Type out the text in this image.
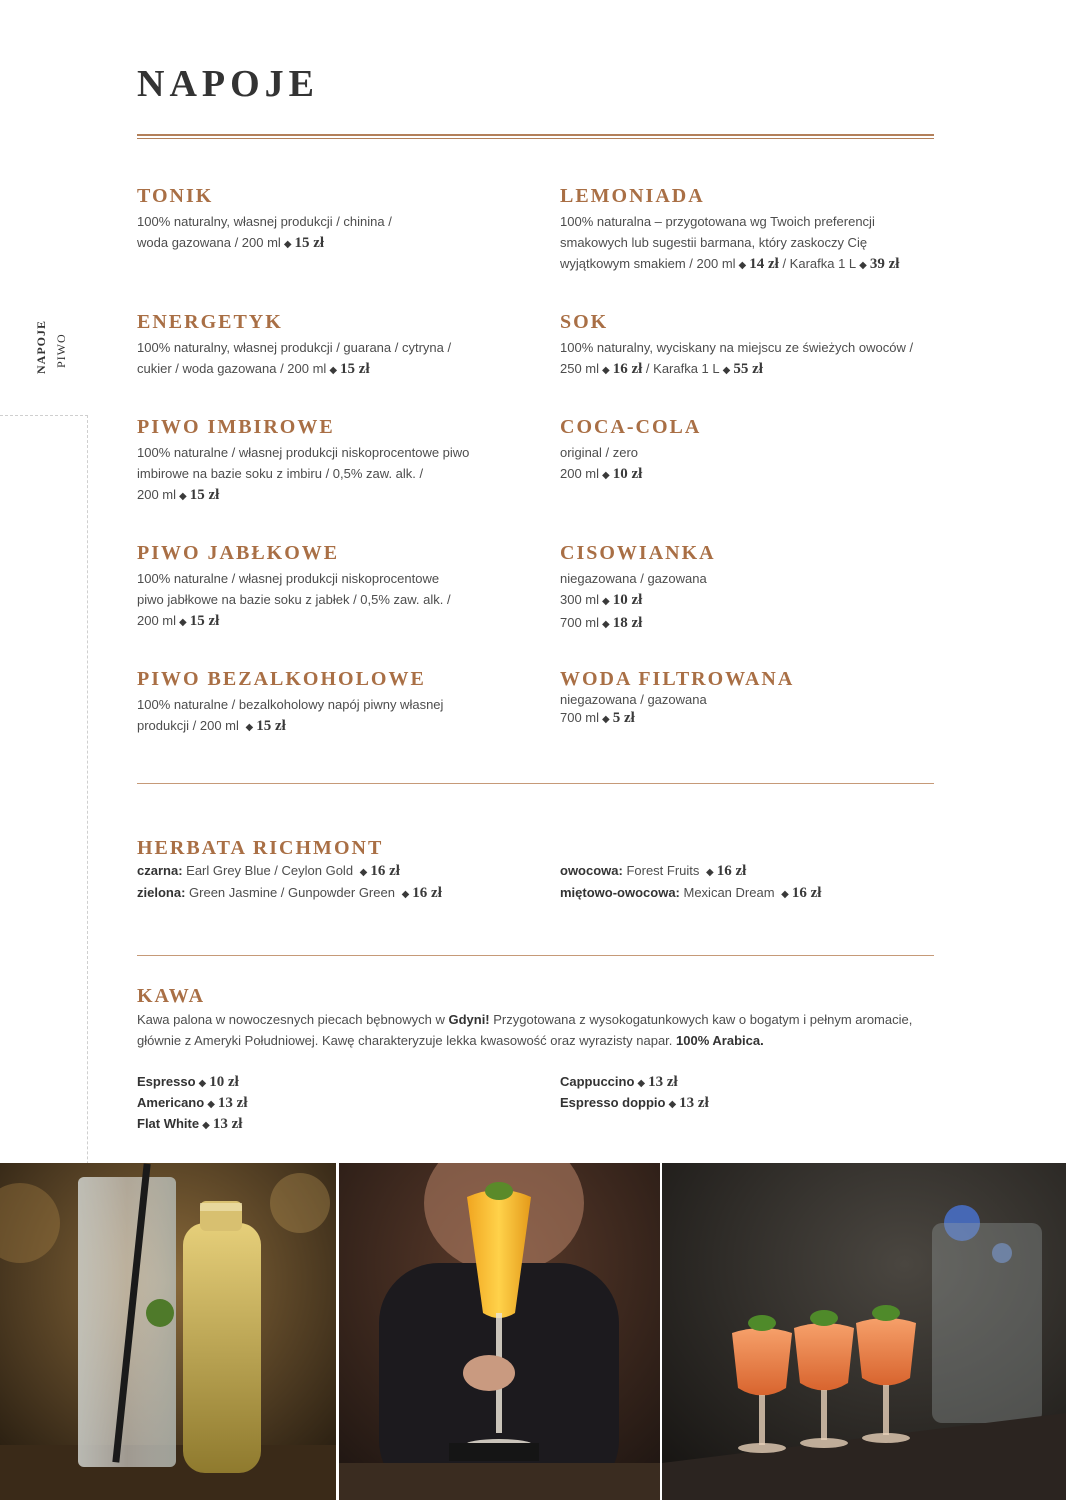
NAPOJE
NAPOJE PIWO
TONIK

100% naturalny, własnej produkcji / chinina /

woda gazowana / 200 ml ◆ 15 zł

ENERGETYK

100% naturalny, własnej produkcji / guarana / cytryna /

cukier / woda gazowana / 200 ml ◆ 15 zł

PIWO IMBIROWE

100% naturalne / własnej produkcji niskoprocentowe piwo

imbirowe na bazie soku z imbiru / 0,5% zaw. alk. /

200 ml ◆ 15 zł

PIWO JABŁKOWE

100% naturalne / własnej produkcji niskoprocentowe

piwo jabłkowe na bazie soku z jabłek / 0,5% zaw. alk. /

200 ml ◆ 15 zł

PIWO BEZALKOHOLOWE

100% naturalne / bezalkoholowy napój piwny własnej

produkcji / 200 ml ◆ 15 zł

LEMONIADA

100% naturalna – przygotowana wg Twoich preferencji

smakowych lub sugestii barmana, który zaskoczy Cię

wyjątkowym smakiem / 200 ml ◆ 14 zł / Karafka 1 L ◆ 39 zł

SOK

100% naturalny, wyciskany na miejscu ze świeżych owoców /

250 ml ◆ 16 zł / Karafka 1 L ◆ 55 zł

COCA-COLA

original / zero

200 ml ◆ 10 zł

CISOWIANKA

niegazowana / gazowana

300 ml ◆ 10 zł

700 ml ◆ 18 zł

WODA FILTROWANA

niegazowana / gazowana

700 ml ◆ 5 zł

HERBATA RICHMONT
czarna: Earl Grey Blue / Ceylon Gold ◆ 16 zł
zielona: Green Jasmine / Gunpowder Green ◆ 16 zł
owocowa: Forest Fruits ◆ 16 zł
miętowo-owocowa: Mexican Dream ◆ 16 zł
KAWA
Kawa palona w nowoczesnych piecach bębnowych w Gdyni! Przygotowana z wysokogatunkowych kaw o bogatym i pełnym aromacie, głównie z Ameryki Południowej. Kawę charakteryzuje lekka kwasowość oraz wyrazisty napar. 100% Arabica.
Espresso ◆ 10 zł
Americano ◆ 13 zł
Flat White ◆ 13 zł
Cappuccino ◆ 13 zł
Espresso doppio ◆ 13 zł
